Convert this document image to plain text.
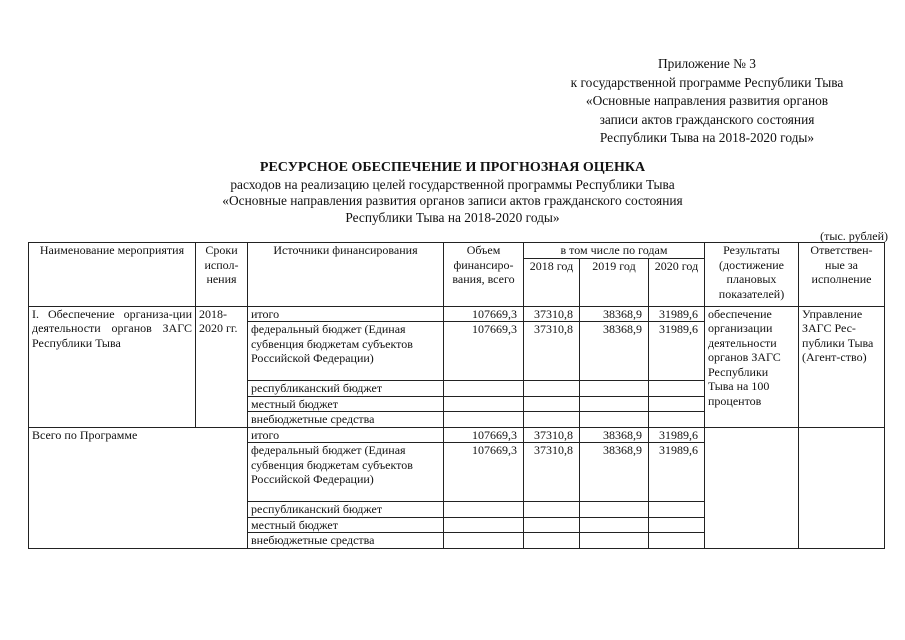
Приложение № 3
к государственной программе Республики Тыва
«Основные направления развития органов
записи актов гражданского состояния
Республики Тыва на 2018-2020 годы»
РЕСУРСНОЕ ОБЕСПЕЧЕНИЕ И ПРОГНОЗНАЯ ОЦЕНКА
расходов на реализацию целей государственной программы Республики Тыва
«Основные направления развития органов записи актов гражданского состояния
Республики Тыва на 2018-2020 годы»
(тыс. рублей)
Наименование мероприятия	Сроки испол-нения	Источники финансирования	Объем финансиро-вания, всего	в том числе по годам			Результаты (достижение плановых показателей)	Ответствен-ные за исполнение
				2018 год	2019 год	2020 год		
I. Обеспечение организа-ции деятельности органов ЗАГС Республики Тыва	2018-2020 гг.	итого	107669,3	37310,8	38368,9	31989,6	обеспечение организации деятельности органов ЗАГС Республики Тыва на 100 процентов	Управление ЗАГС Рес-публики Тыва (Агент-ство)
		федеральный бюджет (Единая субвенция бюджетам субъектов Российской Федерации)	107669,3	37310,8	38368,9	31989,6		
		республиканский бюджет						
		местный бюджет						
		внебюджетные средства						
Всего по Программе		итого	107669,3	37310,8	38368,9	31989,6		
		федеральный бюджет (Единая субвенция бюджетам субъектов Российской Федерации)	107669,3	37310,8	38368,9	31989,6		
		республиканский бюджет						
		местный бюджет						
		внебюджетные средства						
